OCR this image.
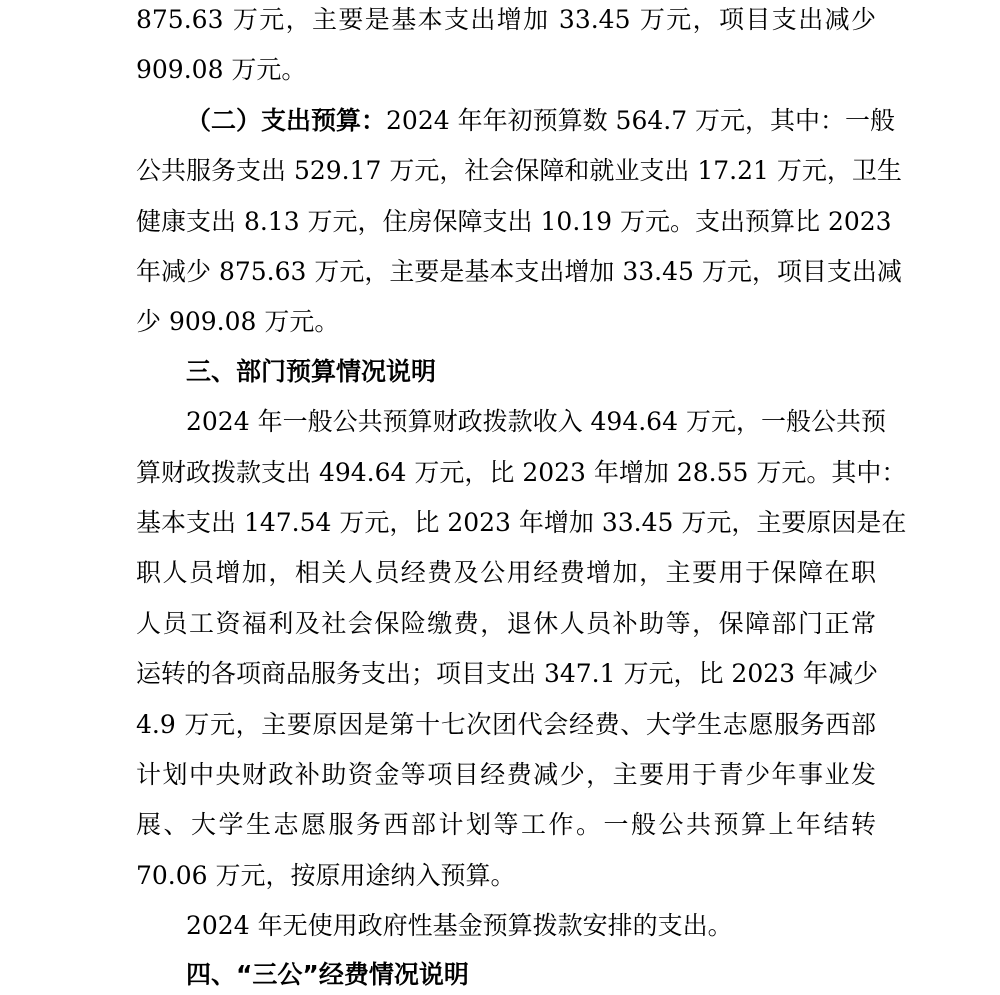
875.63 万元，主要是基本支出增加 33.45 万元，项目支出减少
909.08 万元。
（二）支出预算：2024 年年初预算数 564.7 万元，其中：一般
公共服务支出 529.17 万元，社会保障和就业支出 17.21 万元，卫生
健康支出 8.13 万元，住房保障支出 10.19 万元。支出预算比 2023
年减少 875.63 万元，主要是基本支出增加 33.45 万元，项目支出减
少 909.08 万元。
三、部门预算情况说明
2024 年一般公共预算财政拨款收入 494.64 万元，一般公共预
算财政拨款支出 494.64 万元，比 2023 年增加 28.55 万元。其中：
基本支出 147.54 万元，比 2023 年增加 33.45 万元，主要原因是在
职人员增加，相关人员经费及公用经费增加，主要用于保障在职
人员工资福利及社会保险缴费，退休人员补助等，保障部门正常
运转的各项商品服务支出；项目支出 347.1 万元，比 2023 年减少
4.9 万元，主要原因是第十七次团代会经费、大学生志愿服务西部
计划中央财政补助资金等项目经费减少，主要用于青少年事业发
展、大学生志愿服务西部计划等工作。一般公共预算上年结转
70.06 万元，按原用途纳入预算。
2024 年无使用政府性基金预算拨款安排的支出。
四、“三公”经费情况说明
